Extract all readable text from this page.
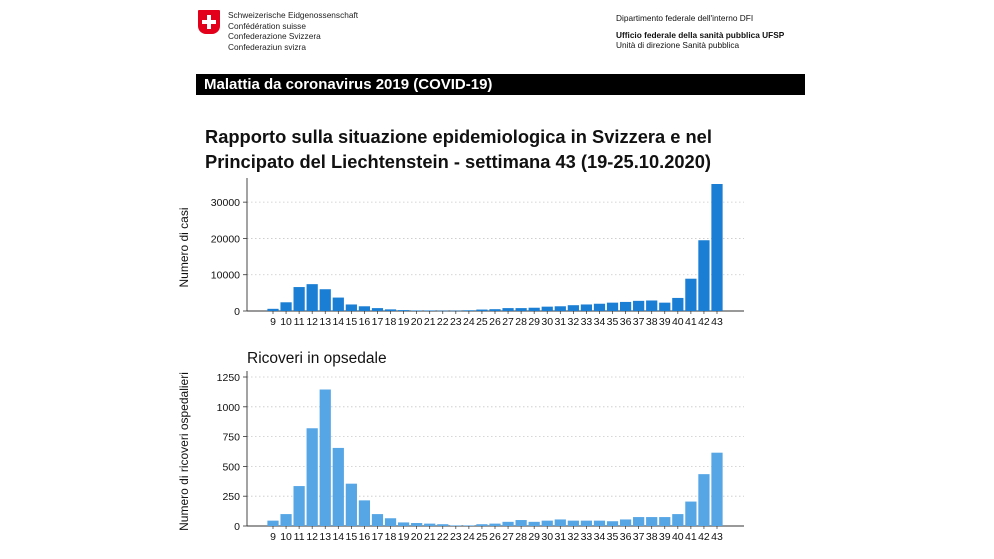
Schweizerische Eidgenossenschaft
Confédération suisse
Confederazione Svizzera
Confederaziun svizra
Dipartimento federale dell'interno DFI
Ufficio federale della sanità pubblica UFSP
Unità di direzione Sanità pubblica
Malattia da coronavirus 2019 (COVID-19)
Rapporto sulla situazione epidemiologica in Svizzera e nel Principato del Liechtenstein - settimana 43 (19-25.10.2020)
0
10000
20000
30000
9 10 11 12 13 14 15 16 17 18 19 20 21 22 23 24 25 26 27 28 29 30 31 32 33 34 35 36 37 38 39 40 41 42 43
Numero di casi
0
250
500
750
1000
1250
9 10 11 12 13 14 15 16 17 18 19 20 21 22 23 24 25 26 27 28 29 30 31 32 33 34 35 36 37 38 39 40 41 42 43
Numero di ricoveri ospedalieri
Ricoveri in opsedale
